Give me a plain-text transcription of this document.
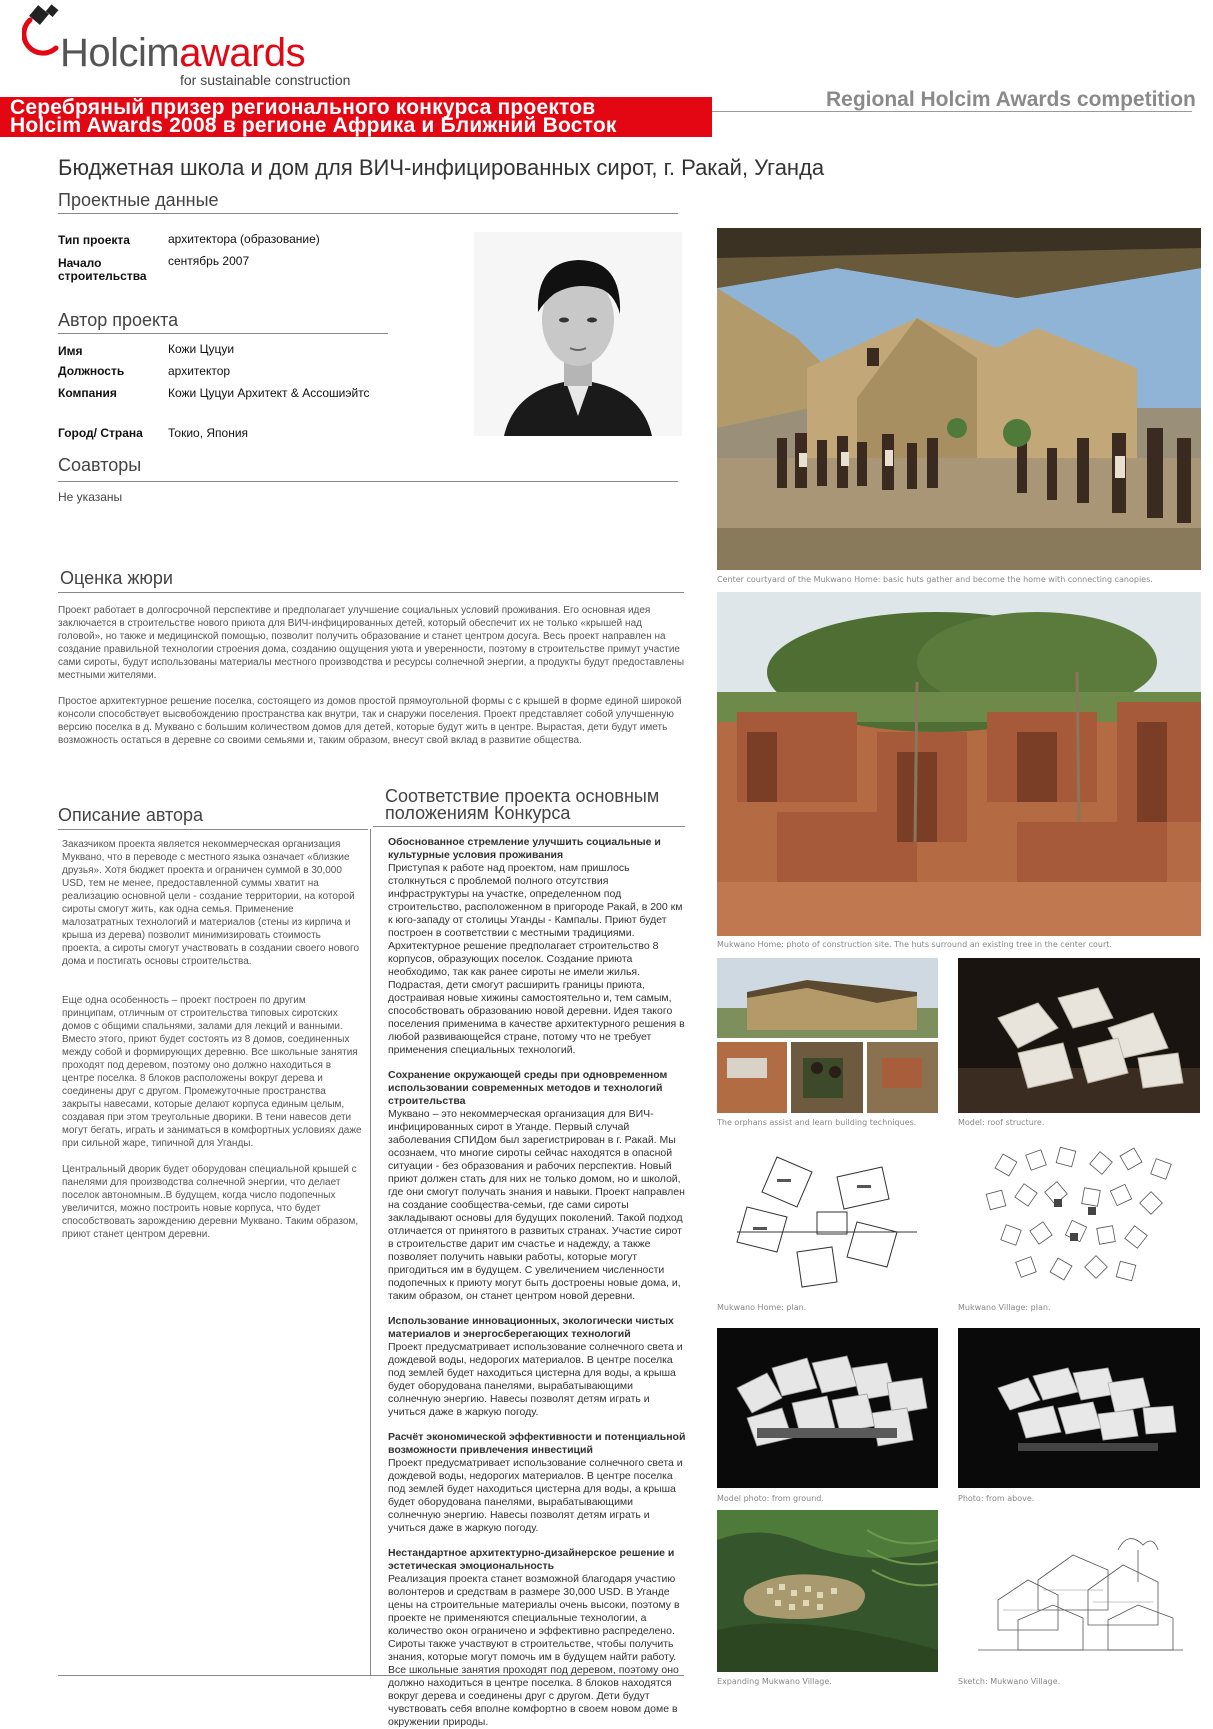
Holcimawards
for sustainable construction
Серебряный призер регионального конкурса проектов
Holcim Awards 2008 в регионе Африка и Ближний Восток
Regional Holcim Awards competition
Бюджетная школа и дом для ВИЧ-инфицированных сирот, г. Ракай, Уганда
Проектные данные
Тип проекта	архитектора (образование)
Начало
строительства
сентябрь 2007
Автор проекта
Имя	Кожи Цуцуи
Должность	архитектор
Компания	Кожи Цуцуи Архитект & Ассошиэйтс
Город/ Страна Токио, Япония
Соавторы
Не указаны
Оценка жюри
Проект работает в долгосрочной перспективе и предполагает улучшение социальных условий проживания. Его основная идея заключается в строительстве нового приюта для ВИЧ-инфицированных детей, который обеспечит их не только «крышей над головой», но также и медицинской помощью, позволит получить образование и станет центром досуга. Весь проект направлен на создание правильной технологии строения дома, созданию ощущения уюта и уверенности, поэтому в строительстве примут участие сами сироты, будут использованы материалы местного производства и ресурсы солнечной энергии, а продукты будут предоставлены местными жителями.
Простое архитектурное решение поселка, состоящего из домов простой прямоугольной формы с с крышей в форме единой широкой консоли способствует высвобождению пространства как внутри, так и снаружи поселения. Проект представляет собой улучшенную версию поселка в д. Муквано с большим количеством домов для детей, которые будут жить в центре. Вырастая, дети будут иметь возможность остаться в деревне со своими семьями и, таким образом, внесут свой вклад в развитие общества.
Описание автора
Заказчиком проекта является некоммерческая организация Муквано, что в переводе с местного языка означает «близкие друзья». Хотя бюджет проекта и ограничен суммой в 30,000 USD, тем не менее, предоставленной суммы хватит на реализацию основной цели - создание территории, на которой сироты смогут жить, как одна семья. Применение малозатратных технологий и материалов (стены из кирпича и крыша из дерева) позволит минимизировать стоимость проекта, а сироты смогут участвовать в создании своего нового дома и постигать основы строительства.
Еще одна особенность – проект построен по другим принципам, отличным от строительства типовых сиротских домов с общими спальнями, залами для лекций и ванными. Вместо этого, приют будет состоять из 8 домов, соединенных между собой и формирующих деревню. Все школьные занятия проходят под деревом, поэтому оно должно находиться в центре поселка. 8 блоков расположены вокруг дерева и соединены друг с другом. Промежуточные пространства закрыты навесами, которые делают корпуса единым целым, создавая при этом треугольные дворики. В тени навесов дети могут бегать, играть и заниматься в комфортных условиях даже при сильной жаре, типичной для Уганды.
Центральный дворик будет оборудован специальной крышей с панелями для производства солнечной энергии, что делает поселок автономным..В будущем, когда число подопечных увеличится, можно построить новые корпуса, что будет способствовать зарождению деревни Муквано. Таким образом, приют станет центром деревни.
Соответствие проекта основным
положениям Конкурса
Обоснованное стремление улучшить социальные и культурные условия проживания
Приступая к работе над проектом, нам пришлось столкнуться с проблемой полного отсутствия инфраструктуры на участке, определенном под строительство, расположенном в пригороде Ракай, в 200 км к юго-западу от столицы Уганды - Кампалы. Приют будет построен в соответствии с местными традициями. Архитектурное решение предполагает строительство 8 корпусов, образующих поселок. Создание приюта необходимо, так как ранее сироты не имели жилья. Подрастая, дети смогут расширить границы приюта, достраивая новые хижины самостоятельно и, тем самым, способствовать образованию новой деревни. Идея такого поселения применима в качестве архитектурного решения в любой развивающейся стране, потому что не требует применения специальных технологий.
Сохранение окружающей среды при одновременном использовании современных методов и технологий строительства
Муквано – это некоммерческая организация для ВИЧ-инфицированных сирот в Уганде. Первый случай заболевания СПИДом был зарегистрирован в г. Ракай. Мы осознаем, что многие сироты сейчас находятся в опасной ситуации - без образования и рабочих перспектив. Новый приют должен стать для них не только домом, но и школой, где они смогут получать знания и навыки. Проект направлен на создание сообщества-семьи, где сами сироты закладывают основы для будущих поколений. Такой подход отличается от принятого в развитых странах. Участие сирот в строительстве дарит им счастье и надежду, а также позволяет получить навыки работы, которые могут пригодиться им в будущем. С увеличением численности подопечных к приюту могут быть достроены новые дома, и, таким образом, он станет центром новой деревни.
Использование инновационных, экологически чистых материалов и энергосберегающих технологий
Проект предусматривает использование солнечного света и дождевой воды, недорогих материалов. В центре поселка под землей будет находиться цистерна для воды, а крыша будет оборудована панелями, вырабатывающими солнечную энергию. Навесы позволят детям играть и учиться даже в жаркую погоду.
Расчёт экономической эффективности и потенциальной возможности привлечения инвестиций
Проект предусматривает использование солнечного света и дождевой воды, недорогих материалов. В центре поселка под землей будет находиться цистерна для воды, а крыша будет оборудована панелями, вырабатывающими солнечную энергию. Навесы позволят детям играть и учиться даже в жаркую погоду.
Нестандартное архитектурно-дизайнерское решение и эстетическая эмоциональность
Реализация проекта станет возможной благодаря участию волонтеров и средствам в размере 30,000 USD. В Уганде цены на строительные материалы очень высоки, поэтому в проекте не применяются специальные технологии, а количество окон ограничено и эффективно распределено. Сироты также участвуют в строительстве, чтобы получить знания, которые могут помочь им в будущем найти работу. Все школьные занятия проходят под деревом, поэтому оно должно находиться в центре поселка. 8 блоков находятся вокруг дерева и соединены друг с другом. Дети будут чувствовать себя вполне комфортно в своем новом доме в окружении природы.
Center courtyard of the Mukwano Home: basic huts gather and become the home with connecting canopies.
Mukwano Home: photo of construction site. The huts surround an existing tree in the center court.
The orphans assist and learn building techniques.	Model: roof structure.
Mukwano Home: plan.	Mukwano Village: plan.
Model photo: from ground.	Photo: from above.
Expanding Mukwano Village.	Sketch: Mukwano Village.
